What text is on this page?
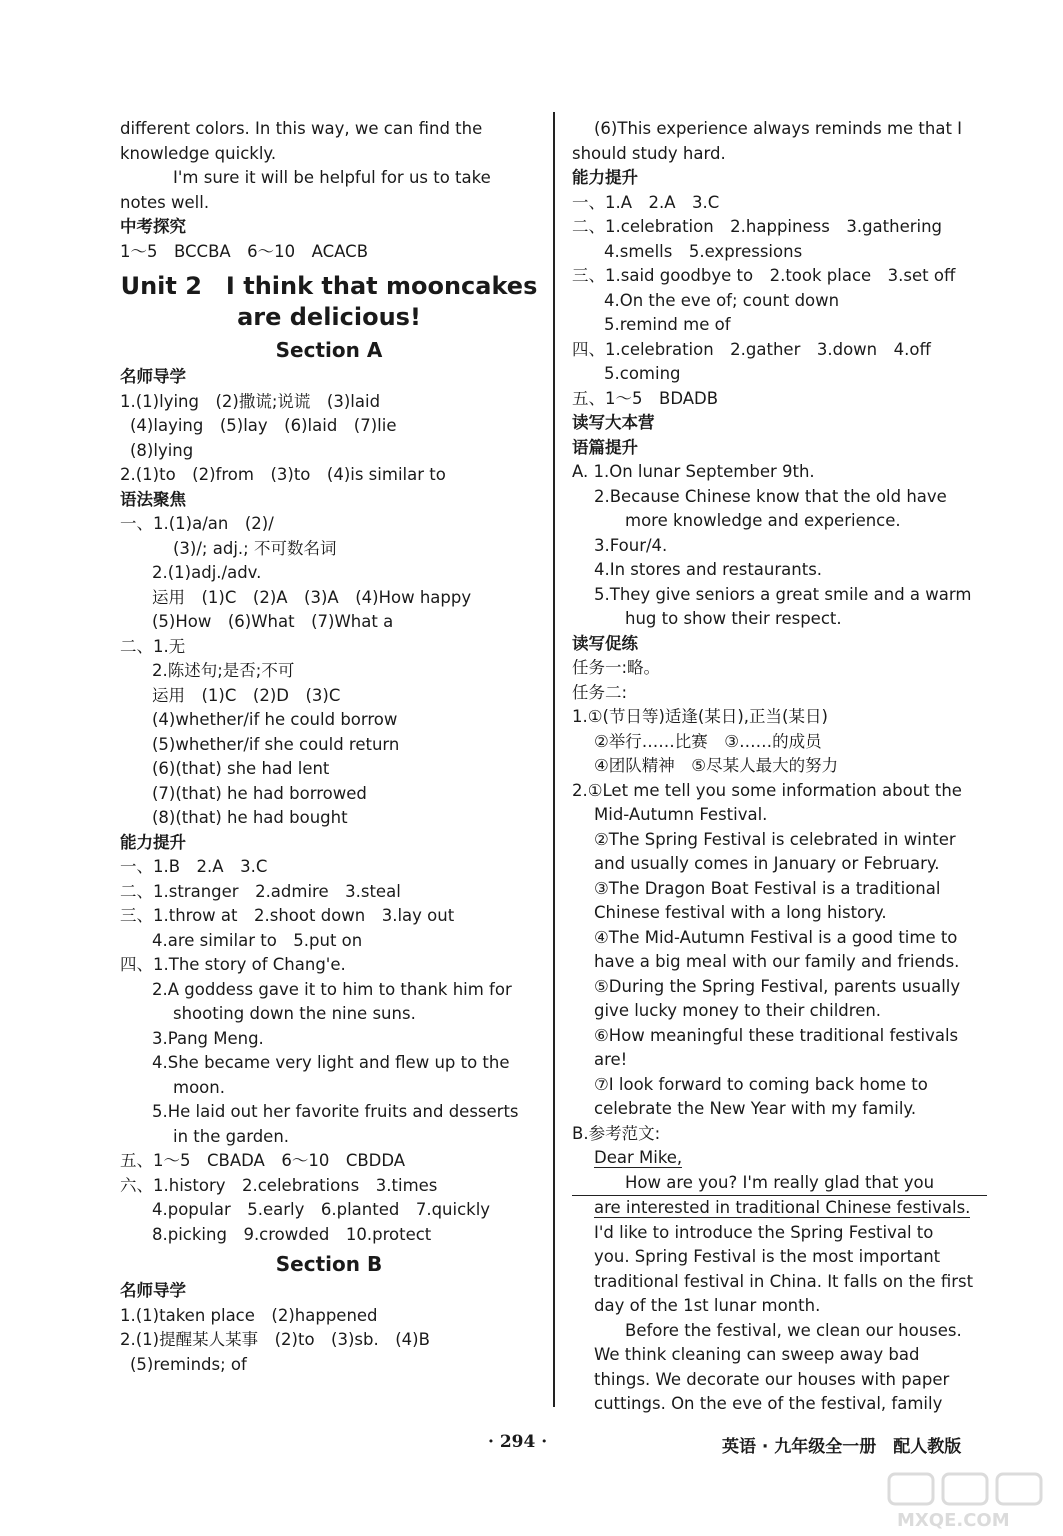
different colors. In this way, we can find the
knowledge quickly.
I'm sure it will be helpful for us to take
notes well.
中考探究
1～5　BCCBA　6～10　ACACB
Unit 2　I think that mooncakes are delicious!
Section A
名师导学
1.(1)lying　(2)撒谎;说谎　(3)laid
(4)laying　(5)lay　(6)laid　(7)lie
(8)lying
2.(1)to　(2)from　(3)to　(4)is similar to
语法聚焦
一、1.(1)a/an　(2)/
(3)/; adj.; 不可数名词
2.(1)adj./adv.
运用　(1)C　(2)A　(3)A　(4)How happy
(5)How　(6)What　(7)What a
二、1.无
2.陈述句;是否;不可
运用　(1)C　(2)D　(3)C
(4)whether/if he could borrow
(5)whether/if she could return
(6)(that) she had lent
(7)(that) he had borrowed
(8)(that) he had bought
能力提升
一、1.B　2.A　3.C
二、1.stranger　2.admire　3.steal
三、1.throw at　2.shoot down　3.lay out
4.are similar to　5.put on
四、1.The story of Chang'e.
2.A goddess gave it to him to thank him for
shooting down the nine suns.
3.Pang Meng.
4.She became very light and flew up to the
moon.
5.He laid out her favorite fruits and desserts
in the garden.
五、1～5　CBADA　6～10　CBDDA
六、1.history　2.celebrations　3.times
4.popular　5.early　6.planted　7.quickly
8.picking　9.crowded　10.protect
Section B
名师导学
1.(1)taken place　(2)happened
2.(1)提醒某人某事　(2)to　(3)sb.　(4)B
(5)reminds; of
(6)This experience always reminds me that I
should study hard.
能力提升
一、1.A　2.A　3.C
二、1.celebration　2.happiness　3.gathering
4.smells　5.expressions
三、1.said goodbye to　2.took place　3.set off
4.On the eve of; count down
5.remind me of
四、1.celebration　2.gather　3.down　4.off
5.coming
五、1～5　BDADB
读写大本营
语篇提升
A. 1.On lunar September 9th.
2.Because Chinese know that the old have
more knowledge and experience.
3.Four/4.
4.In stores and restaurants.
5.They give seniors a great smile and a warm
hug to show their respect.
读写促练
任务一:略。
任务二:
1.①(节日等)适逢(某日),正当(某日)
②举行……比赛　③……的成员
④团队精神　⑤尽某人最大的努力
2.①Let me tell you some information about the
Mid-Autumn Festival.
②The Spring Festival is celebrated in winter
and usually comes in January or February.
③The Dragon Boat Festival is a traditional
Chinese festival with a long history.
④The Mid-Autumn Festival is a good time to
have a big meal with our family and friends.
⑤During the Spring Festival, parents usually
give lucky money to their children.
⑥How meaningful these traditional festivals
are!
⑦I look forward to coming back home to
celebrate the New Year with my family.
B.参考范文:
Dear Mike,
How are you? I'm really glad that you
are interested in traditional Chinese festivals.
I'd like to introduce the Spring Festival to
you. Spring Festival is the most important
traditional festival in China. It falls on the first
day of the 1st lunar month.
Before the festival, we clean our houses.
We think cleaning can sweep away bad
things. We decorate our houses with paper
cuttings. On the eve of the festival, family
· 294 ·	英语 · 九年级全一册　配人教版
MXQE.COM
